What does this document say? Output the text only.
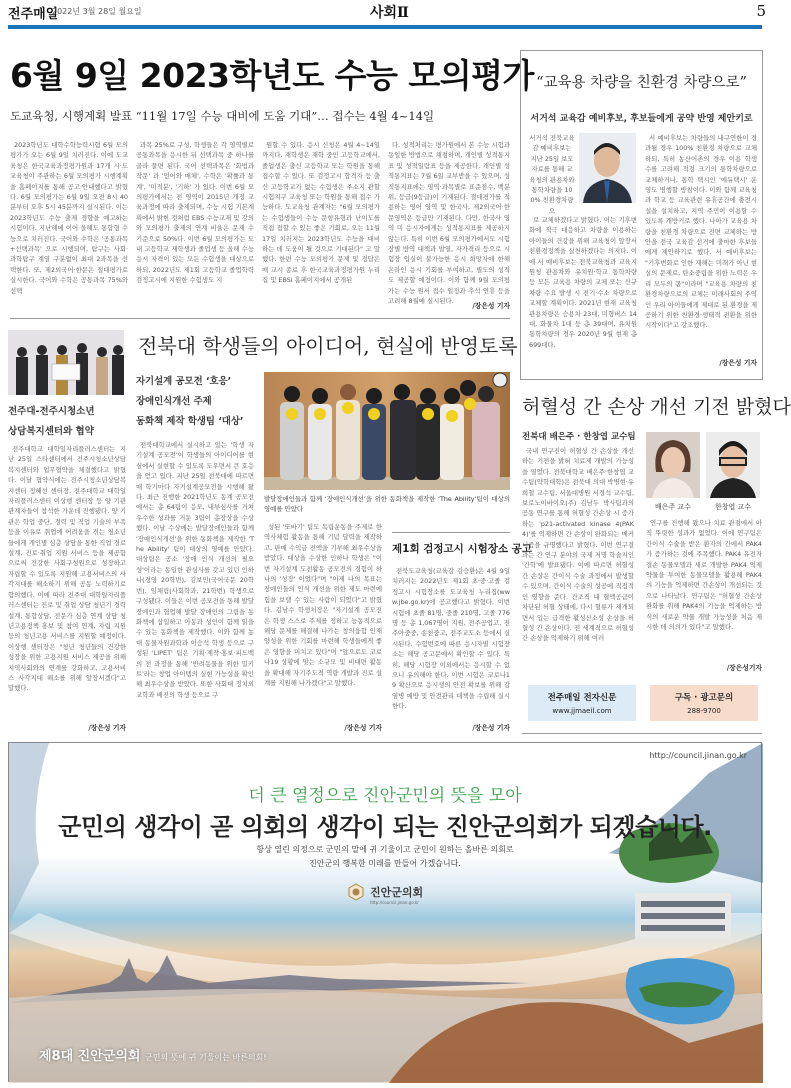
전주매일
2022년 3월 28일 월요일	사회Ⅱ	5
6월 9일 2023학년도 수능 모의평가
도교육청, 시행계획 발표 “11월 17일 수능 대비에 도움 기대”… 접수는 4월 4~14일

2023학년도 대학수학능력시험 6월 모의평가가 오는 6월 9일 치러진다. 이에 도교육청은 한국교육과정평가원과 17개 시·도교육청이 주관하는 6월 모의평가 시행계획을 홈페이지를 통해 공고·안내했다고 밝혔다. 6월 모의평가는 6월 9일 오전 8시 40분부터 오후 5시 45분까지 실시된다. 이는 2023학년도 수능 출제 경향을 예고하는 시험이다. 지난해에 이어 올해도 통합형 수능으로 치러진다. 국어와 수학은 '공통과목+선택과목' 으로 시행되며, 탐구는 사회·과학탐구 계열 구분없이 최대 2과목을 선택한다. 또, 제2외국어·한문은 절대평가로 실시한다. 국어와 수학은 공통과목 75%와 선택

과목 25%로 구성, 학생들은 각 영역별로 공통과목을 응시한 뒤 선택과목 중 하나를 골라 풀면 된다. 국어 선택과목은 '화법과 작문' 과 '언어와 매체', 수학은 '확률과 통계', '미적분', '기하' 가 있다. 이번 6월 모의평가에서는 전 영역이 2015년 개정 교육과정에 따라 출제되며, 수능 시험 기본계획에서 밝힌 것처럼 EBS 수능교재 및 강의와 모의평가 출제의 연계 비율은 문제 수 기준으로 50%다. 이번 6월 모의평가는 도내 고등학교 재학생과 졸업생 등 올해 수능 응시 자격이 있는 모든 수험생을 대상으로 하되, 2022년도 제1회 고등학교 졸업학력 검정고시에 지원한 수험생도 지

원할 수 있다. 응시 신청은 4월 4~14일까지다. 재학생은 재학 중인 고등학교에서, 졸업생은 출신 고등학교 또는 학원을 통해 접수할 수 있다. 또 검정고시 합격자 등 출신 고등학교가 없는 수험생은 주소지 관할 시험지구 교육청 또는 학원을 통해 접수 가능하다. 도교육청 관계자는 "6월 모의평가는 수험생들이 수능 문항유형과 난이도를 직접 접할 수 있는 좋은 기회로, 오는 11월 17일 치러지는 2023학년도 수능을 대비하는 데 도움이 될 것으로 기대된다" 고 말했다. 한편 수능 모의평가 문제 및 정답은 매 교시 종료 후 한국교육과정평가원 누리집 및 EBSi 홈페이지에서 공개된

다. 성적처리는 평가원에서 본 수능 시험과 동일한 방법으로 채점하며, 개인별 성적통지표 및 성적일람표 등을 제공한다. 개인별 성적통지표는 7월 6일 교부받을 수 있으며, 성적통지표에는 영역·과목별로 표준점수, 백분위, 등급(9등급)이 기재된다. 절대평가를 적용하는 영어 영역 및 한국사, 제2외국어·한문영역은 등급만 기재된다. 다만, 한국사 영역 미 응시자에게는 성적통지표를 제공하지 않는다. 특히 이번 6월 모의평가에서도 시험장별 방역 대책과 발열, 자가격리 등으로 시험장 입실이 불가능한 응시 희망자에 한해 온라인 응시 기회를 부여하고, 별도의 성적도 제공할 예정이다. 이와 함께 9월 모의평가는 수능 원서 접수 일정과 추석 연휴 등을 고려해 8월에 실시된다.

/장은성 기자
“교육용 차량을 친환경 차량으로”
서거석 교육감 예비후보, 후보들에게 공약 반영 제안키로
서거석 전북교육감 예비후보는 지난 25일 보도자료를 통해 교육청의 관용차와 통학차량을 100% 친환경차량으

로 교체하겠다고 밝혔다. 이는 기후변화에 적극 대응하고 차량을 이용하는 아이들의 건강을 위해 교육청이 앞장서 친환경정책을 실천하겠다는 의지다. 이에 서 예비후보는 전북교육청과 교육지원청 관용차와 유치원·학교 통학차량 등 모든 교육용 차량의 교체 또는 신규 차량 수요 발생 시 전기·수소 차량으로 교체할 계획이다. 2021년 현재 교육청 관용차량은 승용차 23대, 미형버스 14대, 화물차 1대 등 총 39대며, 유치원 통학차량의 경우 2020년 9월 현재 총 699대다.

서 예비후보는 차량들의 내구연한이 경과될 경우 100% 친환경 차량으로 교체하되, 특히 농산어촌의 경우 이용 학생 수를 고려해 적정 크기의 통학차량으로 교체하거나, 통학 택시인 '에듀택시' 운영도 병행할 방침이다. 이와 함께 교육청과 학교 등 교육관련 유휴공간에 충전시설을 설치하고, 지역 주민이 이용할 수 있도록 개방키로 했다. 나아가 교육용 차량을 친환경 차량으로 전면 교체하는 방안을 전국 교육감 선거에 출마한 후보들에게 제안하기로 했다. 서 예비후보는 "기후변화로 인한 재해는 미래가 아닌 현실의 문제로, 탄소중립을 위한 노력은 우리 모두의 몫"이라며 "교육용 차량의 친환경차량으로의 교체는 미래사회의 주역인 우리 아이들에게 제대로 된 환경을 제공하기 위한 친환경·생태적 전환을 위한 시작이다"고 강조했다.

/장은성 기자
전주대-전주시청소년
상담복지센터와 협약

전주대학교 대학일자리플러스센터는 지난 25일 스타센터에서 전주시청소년상담복지센터와 업무협약을 체결했다고 밝혔다. 이날 협약식에는 전주시청소년상담복지센터 정혜선 센터장, 전주대학교 대학일자리플러스센터 이상행 센터장 등 양 기관 관계자들이 참석한 가운데 진행됐다. 양 기관은 학업 중단, 경력 및 직업 기술의 부족 등을 이유로 취업에 어려움을 겪는 청소년들에게 개인별 심층 상담을 통한 직업 경로 설계, 진로·취업 지원 서비스 등을 제공함으로써 건강한 사회구성원으로 성장하고 자립할 수 있도록 지원해 고용서비스의 사각지대를 해소하기 위해 공동 노력하기로 합의했다. 이에 따라 전주대 대학일자리플러스센터는 진로 및 취업 상담 청년기 경력설계, 통합상담, 전문가 심층 연계 상담 청년고용정책 홍보 및 참여 연계, 자립 지원 등의 청년고용 서비스를 지원할 예정이다. 이상행 센터장은 "청년 청년들의 건강한 성장을 위한 고용지원 서비스 제공을 위해 지역사회와의 연계를 강화하고, 고용서비스 사각지대 해소를 위해 앞장서겠다"고 말했다.

/장은성 기자
전북대 학생들의 아이디어, 현실에 반영토록
자기설계 공모전 ‘호응’
장애인식개선 주제
동화책 제작 학생팀 ‘대상’

전북대학교에서 실시하고 있는 '학생 자기설계 공모전'이 학생들의 아이디어를 현실에서 실현할 수 있도록 도우면서 큰 호응을 얻고 있다. 지난 25일 전북대에 따르면 매 학기마다 자기설계공모전을 시행해 왔다. 최근 진행한 2021학년도 동계 공모전에서는 총 64팀이 응모, 내부심사를 거쳐 우수한 성과를 거둔 3팀이 총장상을 수상했다. 이날 수상에는 발달장애인들과 함께 '장애인식개선'을 위한 동화책을 제작한 'The Ability' 팀이 대상의 영예를 안았다. 대상팀은 공소 '장애 인식 개선의 필요성'이라는 동일한 관심사를 갖고 있던 인하나(경영 20학번), 김보민(국어국문 20학번), 임채림(사회학과, 21학번) 학생으로 구성됐다. 이들은 이번 공모전을 통해 발달 장애인과 협업해 발달 장애인의 그림을 동화책에 삽입하고 아동과 성인이 함께 읽을 수 있는 동화책을 제작했다. 이와 함께 농대 동물자원과학과 이승석 학생 등으로 구성된 'LIPET' 팀은 기획·제작·홍보·피드백의 전 과정을 통해 '반려동물을 위한 밀키트'라는 창업 아이템의 실현 가능성을 확인해 최우수상을 받았다. 또한 사회대 정치외교학과 배진의 학생 등으로 구

발달장애인들과 함께 ‘장애인식개선’을 위한 동화책을 제작한 ‘The Ability’팀이 대상의 영예를 안았다

성된 '또바기' 팀도 독립운동을 주제로 한 역사체험 활동을 통해 기념 달력을 제작하고, 판매 수익금 전액을 기부해 최우수상을 받았다. 대상을 수상한 인하나 학생은 "이번 자기설계 도전활동 공모전의 경험이 하나의 '성장' 이었다"며 "이제 나의 목표는 장애인들의 인식 개선을 위한 제도 마련에 힘을 보탤 수 있는 사람이 되었다"고 밝혔다. 김남수 학생처장은 "자기설계 공모전은 학생 스스로 주제를 정하고 능동적으로 해당 문제를 해결해 나가는 창의융합 인재 양성을 위한 기회를 마련해 학생들에게 좋은 영향을 미치고 있다"며 "앞으로도 코로나19 상황에 맞는 소규모 및 비대면 활동을 확대해 자기주도적 역량 개발과 진로 설계를 지원해 나가겠다"고 말했다.

/장은성 기자
제1회 검정고시 시험장소 공고

전북도교육청(교육감 김승환)은 4월 9일 치러지는 2022년도 제1회 초·중·고졸 검정고시 시험장소를 도교육청 누리집(www.jbe.go.kr)에 공고했다고 밝혔다. 이번 시험에 초졸 81명, 중졸 210명, 고졸 776명 등 총 1,067명이 지원, 전주공업고, 전주아중중, 송천중고, 전주교도소 등에서 실시된다. 수험번호에 따른 응시자별 시험장소는 해당 공고문에서 확인할 수 있다. 특히, 해당 시험장 이외에서는 응시할 수 없으니 유의해야 한다. 이번 시험은 코로나19 확산으로 응시생의 안전 확보를 위해 감염병 예방 및 안전관리 대책을 수립해 실시한다.

/장은성 기자
허혈성 간 손상 개선 기전 밝혔다
전북대 배은주 · 한창엽 교수팀

국내 연구진이 허혈성 간 손상을 개선하는 기전을 밝혀 치료제 개발의 가능성을 열었다. 전북대학교 배은주·한창엽 교수팀(약학대학)은 전북대 의대 박병현·유희철 교수팀, 서울대병원 서경석 교수팀, 보로노이바이오(주) 김남두 박사팀과의 공동 연구를 통해 허혈성 간손상 시 증가하는 'p21-activated kinase 4(PAK4)'를 억제하면 간 손상이 완화되는 메커니즘을 규명했다고 밝혔다. 이번 연구결과는 간 연구 분야의 국제 저명 학술지인 '간학'에 발표됐다. 이에 따르면 허혈성 간 손상은 간이식 수술 과정에서 발생할 수 있으며, 간이식 수술의 성공에 직접적인 영향을 준다. 간조직 내 혈액공급이 차단된 허혈 상태에, 다시 혈류가 재개되면서 입는 급격한 활성산소성 손상을 허혈성 간 손상이다. 전 세계적으로 허혈성 간 손상을 억제하기 위해 여러

배은주 교수	한창엽 교수

연구를 진행해 왔으나 치료 관점에서 아직 뚜렷한 성과가 없었다. 이에 연구팀은 간이식 수술을 받은 환자의 간에서 PAK4가 증가하는 것에 주목했다. PAK4 유전자 결손 동물모델과 새로 개발한 PAK4 억제 약물을 투여한 동물모델을 활용해 PAK4의 기능을 억제하면 간손상이 개선되는 것으로 나타났다. 연구팀은 "허혈성 간손상 완화를 위해 PAK4의 기능을 억제하는 방식의 새로운 약물 개발 가능성을 처음 제시한 데 의의가 있다"고 말했다.

/장은성기자
전주매일 전자신문
www.jjmaeil.com
구독 · 광고문의
288-9700
http://council.jinan.go.kr
더 큰 열정으로 진안군민의 뜻을 모아
군민의 생각이 곧 의회의 생각이 되는 진안군의회가 되겠습니다.
항상 열린 의정으로 군민의 말에 귀 기울이고 군민이 원하는 올바른 의회로
진안군의 행복한 미래를 만들어 가겠습니다.

진안군의회
http://council.jinan.go.kr
제8대 진안군의회 군민의 뜻에 귀 기울이는 바른의회!
